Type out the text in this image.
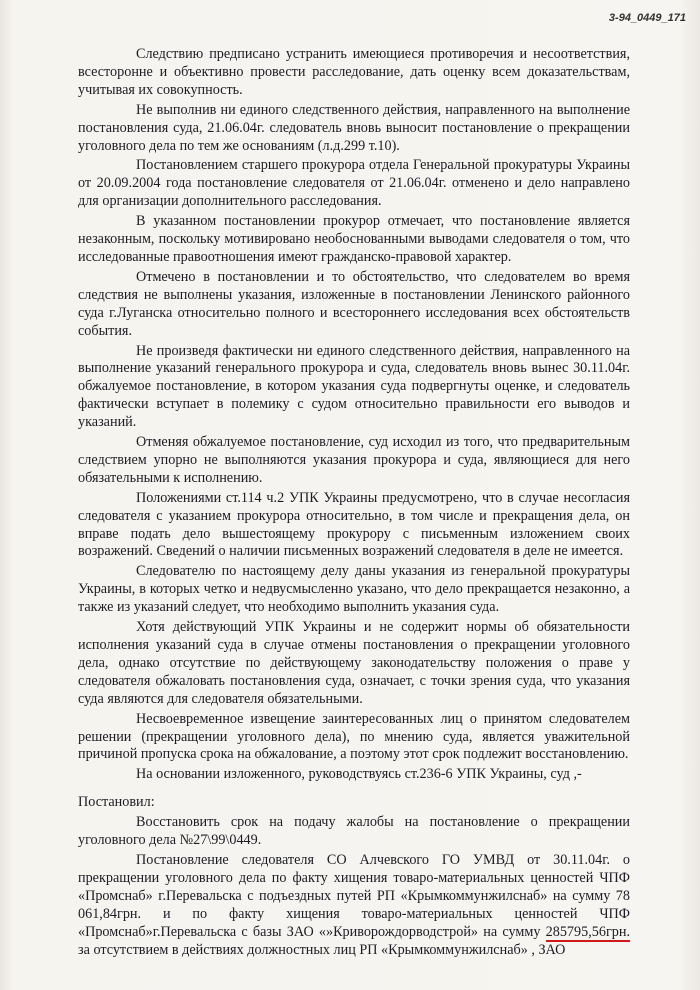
3-94_0449_171

Следствию предписано устранить имеющиеся противоречия и несоответствия, всесторонне и объективно провести расследование, дать оценку всем доказательствам, учитывая их совокупность.

Не выполнив ни единого следственного действия, направленного на выполнение постановления суда, 21.06.04г. следователь вновь выносит постановление о прекращении уголовного дела по тем же основаниям (л.д.299 т.10).

Постановлением старшего прокурора отдела Генеральной прокуратуры Украины от 20.09.2004 года постановление следователя от 21.06.04г. отменено и дело направлено для организации дополнительного расследования.

В указанном постановлении прокурор отмечает, что постановление является незаконным, поскольку мотивировано необоснованными выводами следователя о том, что исследованные правоотношения имеют гражданско-правовой характер.

Отмечено в постановлении и то обстоятельство, что следователем во время следствия не выполнены указания, изложенные в постановлении Ленинского районного суда г.Луганска относительно полного и всестороннего исследования всех обстоятельств события.

Не произведя фактически ни единого следственного действия, направленного на выполнение указаний генерального прокурора и суда, следователь вновь вынес 30.11.04г. обжалуемое постановление, в котором указания суда подвергнуты оценке, и следователь фактически вступает в полемику с судом относительно правильности его выводов и указаний.

Отменяя обжалуемое постановление, суд исходил из того, что предварительным следствием упорно не выполняются указания прокурора и суда, являющиеся для него обязательными к исполнению.

Положениями ст.114 ч.2 УПК Украины предусмотрено, что в случае несогласия следователя с указанием прокурора относительно, в том числе и прекращения дела, он вправе подать дело вышестоящему прокурору с письменным изложением своих возражений. Сведений о наличии письменных возражений следователя в деле не имеется.

Следователю по настоящему делу даны указания из генеральной прокуратуры Украины, в которых четко и недвусмысленно указано, что дело прекращается незаконно, а также из указаний следует, что необходимо выполнить указания суда.

Хотя действующий УПК Украины и не содержит нормы об обязательности исполнения указаний суда в случае отмены постановления о прекращении уголовного дела, однако отсутствие по действующему законодательству положения о праве у следователя обжаловать постановления суда, означает, с точки зрения суда, что указания суда являются для следователя обязательными.

Несвоевременное извещение заинтересованных лиц о принятом следователем решении (прекращении уголовного дела), по мнению суда, является уважительной причиной пропуска срока на обжалование, а поэтому этот срок подлежит восстановлению.

На основании изложенного, руководствуясь ст.236-6 УПК Украины, суд ,-

Постановил:

Восстановить срок на подачу жалобы на постановление о прекращении уголовного дела №27\99\0449.

Постановление следователя СО Алчевского ГО УМВД от 30.11.04г. о прекращении уголовного дела по факту хищения товаро-материальных ценностей ЧПФ «Промснаб» г.Перевальска с подъездных путей РП «Крымкоммунжилснаб» на сумму 78 061,84грн. и по факту хищения товаро-материальных ценностей ЧПФ «Промснаб»г.Перевальска с базы ЗАО «»Криворождорводстрой» на сумму 285795,56грн.

за отсутствием в действиях должностных лиц РП «Крымкоммунжилснаб» , ЗАО
